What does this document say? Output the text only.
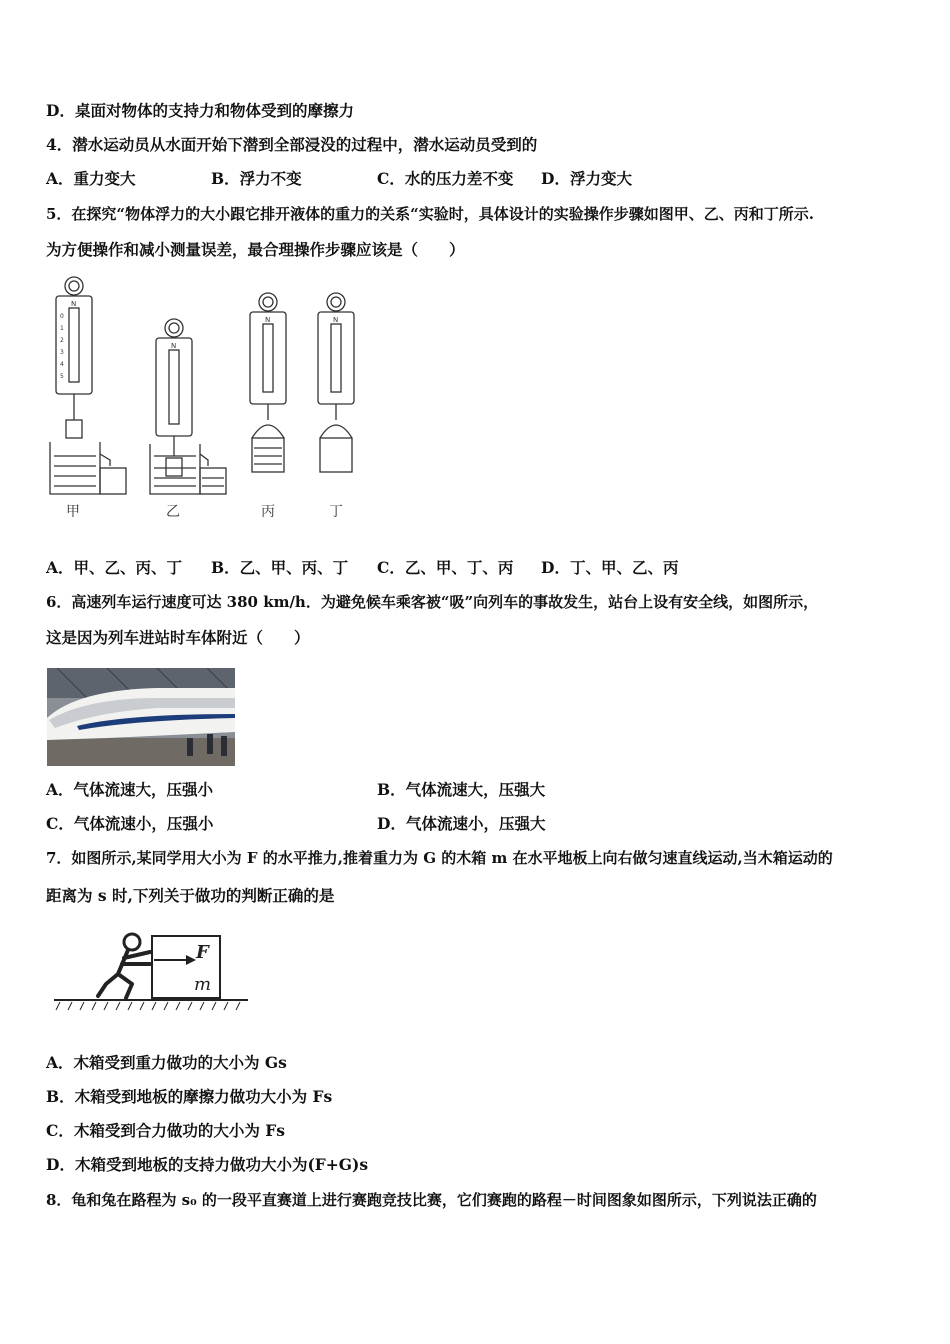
D．桌面对物体的支持力和物体受到的摩擦力
4．潜水运动员从水面开始下潜到全部浸没的过程中，潜水运动员受到的
A．重力变大	B．浮力不变	C．水的压力差不变 D．浮力变大
5．在探究“物体浮力的大小跟它排开液体的重力的关系“实验时，具体设计的实验操作步骤如图甲、乙、丙和丁所示.
为方便操作和减小测量误差，最合理操作步骤应该是（　　）
N
N
N	N
0
1
2
3
4
5
甲	乙	丙	丁
A．甲、乙、丙、丁 B．乙、甲、丙、丁 C．乙、甲、丁、丙 D．丁、甲、乙、丙
6．高速列车运行速度可达 380 km/h．为避免候车乘客被“吸”向列车的事故发生，站台上设有安全线，如图所示，
这是因为列车进站时车体附近（　　）
A．气体流速大，压强小	B．气体流速大，压强大
C．气体流速小，压强小	D．气体流速小，压强大
7．如图所示,某同学用大小为 F 的水平推力,推着重力为 G 的木箱 m 在水平地板上向右做匀速直线运动,当木箱运动的
距离为 s 时,下列关于做功的判断正确的是
F
m
A．木箱受到重力做功的大小为 Gs
B．木箱受到地板的摩擦力做功大小为 Fs
C．木箱受到合力做功的大小为 Fs
D．木箱受到地板的支持力做功大小为(F+G)s
8．龟和兔在路程为 s₀ 的一段平直赛道上进行赛跑竞技比赛，它们赛跑的路程－时间图象如图所示，下列说法正确的
